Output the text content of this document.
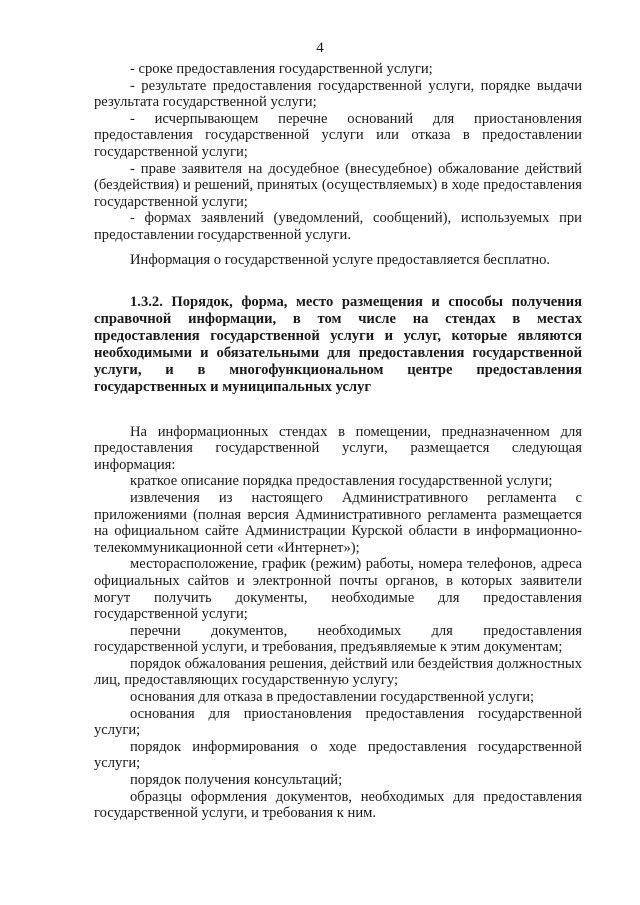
4

- сроке предоставления государственной услуги;

- результате предоставления государственной услуги, порядке выдачи результата государственной услуги;

- исчерпывающем перечне оснований для приостановления предоставления государственной услуги или отказа в предоставлении государственной услуги;

- праве заявителя на досудебное (внесудебное) обжалование действий (бездействия) и решений, принятых (осуществляемых) в ходе предоставления государственной услуги;

- формах заявлений (уведомлений, сообщений), используемых при предоставлении государственной услуги.

Информация о государственной услуге предоставляется бесплатно.

1.3.2. Порядок, форма, место размещения и способы получения справочной информации, в том числе на стендах в местах предоставления государственной услуги и услуг, которые являются необходимыми и обязательными для предоставления государственной услуги, и в многофункциональном центре предоставления государственных и муниципальных услуг

На информационных стендах в помещении, предназначенном для предоставления государственной услуги, размещается следующая информация:

краткое описание порядка предоставления государственной услуги;

извлечения из настоящего Административного регламента с приложениями (полная версия Административного регламента размещается на официальном сайте Администрации Курской области в информационно-телекоммуникационной сети «Интернет»);

месторасположение, график (режим) работы, номера телефонов, адреса официальных сайтов и электронной почты органов, в которых заявители могут получить документы, необходимые для предоставления государственной услуги;

перечни документов, необходимых для предоставления государственной услуги, и требования, предъявляемые к этим документам;

порядок обжалования решения, действий или бездействия должностных лиц, предоставляющих государственную услугу;

основания для отказа в предоставлении государственной услуги;

основания для приостановления предоставления государственной услуги;

порядок информирования о ходе предоставления государственной услуги;

порядок получения консультаций;

образцы оформления документов, необходимых для предоставления государственной услуги, и требования к ним.
